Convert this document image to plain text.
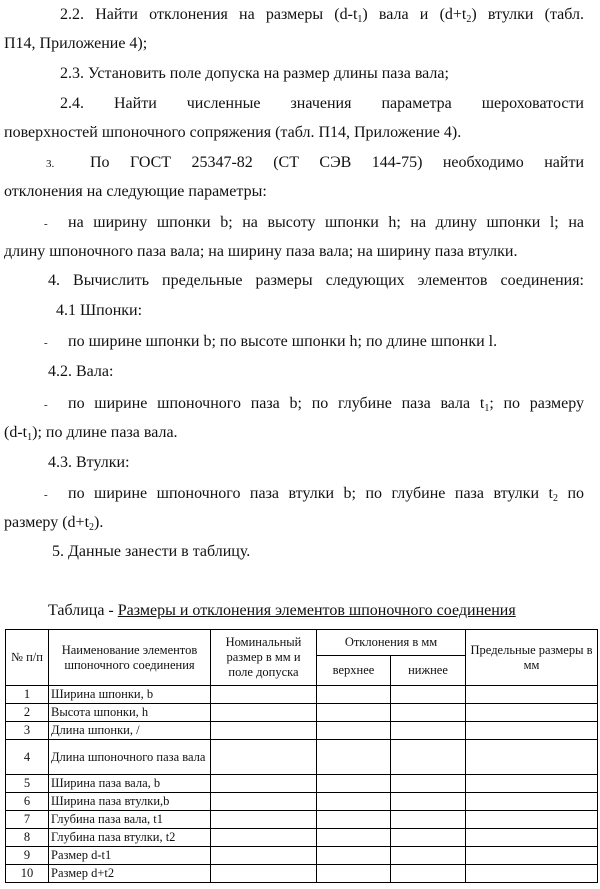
2.2. Найти отклонения на размеры $(d-t_1)$ вала и $(d+t_2)$ втулки (табл.
П14, Приложение 4);
2.3. Установить поле допуска на размер длины паза вала;
2.4. Найти численные значения параметра шероховатости
поверхностей шпоночного сопряжения (табл. П14, Приложение 4).
3.	По ГОСТ 25347-82 (СТ СЭВ 144-75) необходимо найти
отклонения на следующие параметры:
-	на ширину шпонки b; на высоту шпонки h; на длину шпонки l; на
длину шпоночного паза вала; на ширину паза вала; на ширину паза втулки.
4. Вычислить предельные размеры следующих элементов соединения:
4.1 Шпонки:
-	по ширине шпонки b; по высоте шпонки h; по длине шпонки l.
4.2. Вала:
-	по ширине шпоночного паза b; по глубине паза вала $t_1$; по размеру
$(d-t_1)$; по длине паза вала.
4.3. Втулки:
-	по ширине шпоночного паза втулки b; по глубине паза втулки $t_2$ по
размеру $(d+t_2)$.
5. Данные занести в таблицу.
Таблица - Размеры и отклонения элементов шпоночного соединения
№ п/п	Наименование элементов шпоночного соединения	Номинальный размер в мм и поле допуска	Отклонения в мм		Предельные размеры в мм
			верхнее	нижнее	
1	Ширина шпонки, b				
2	Высота шпонки, h				
3	Длина шпонки, /				
4	Длина шпоночного паза вала				
5	Ширина паза вала, b				
6	Ширина паза втулки,b				
7	Глубина паза вала, t1				
8	Глубина паза втулки, t2				
9	Размер d-t1				
10	Размер d+t2				
